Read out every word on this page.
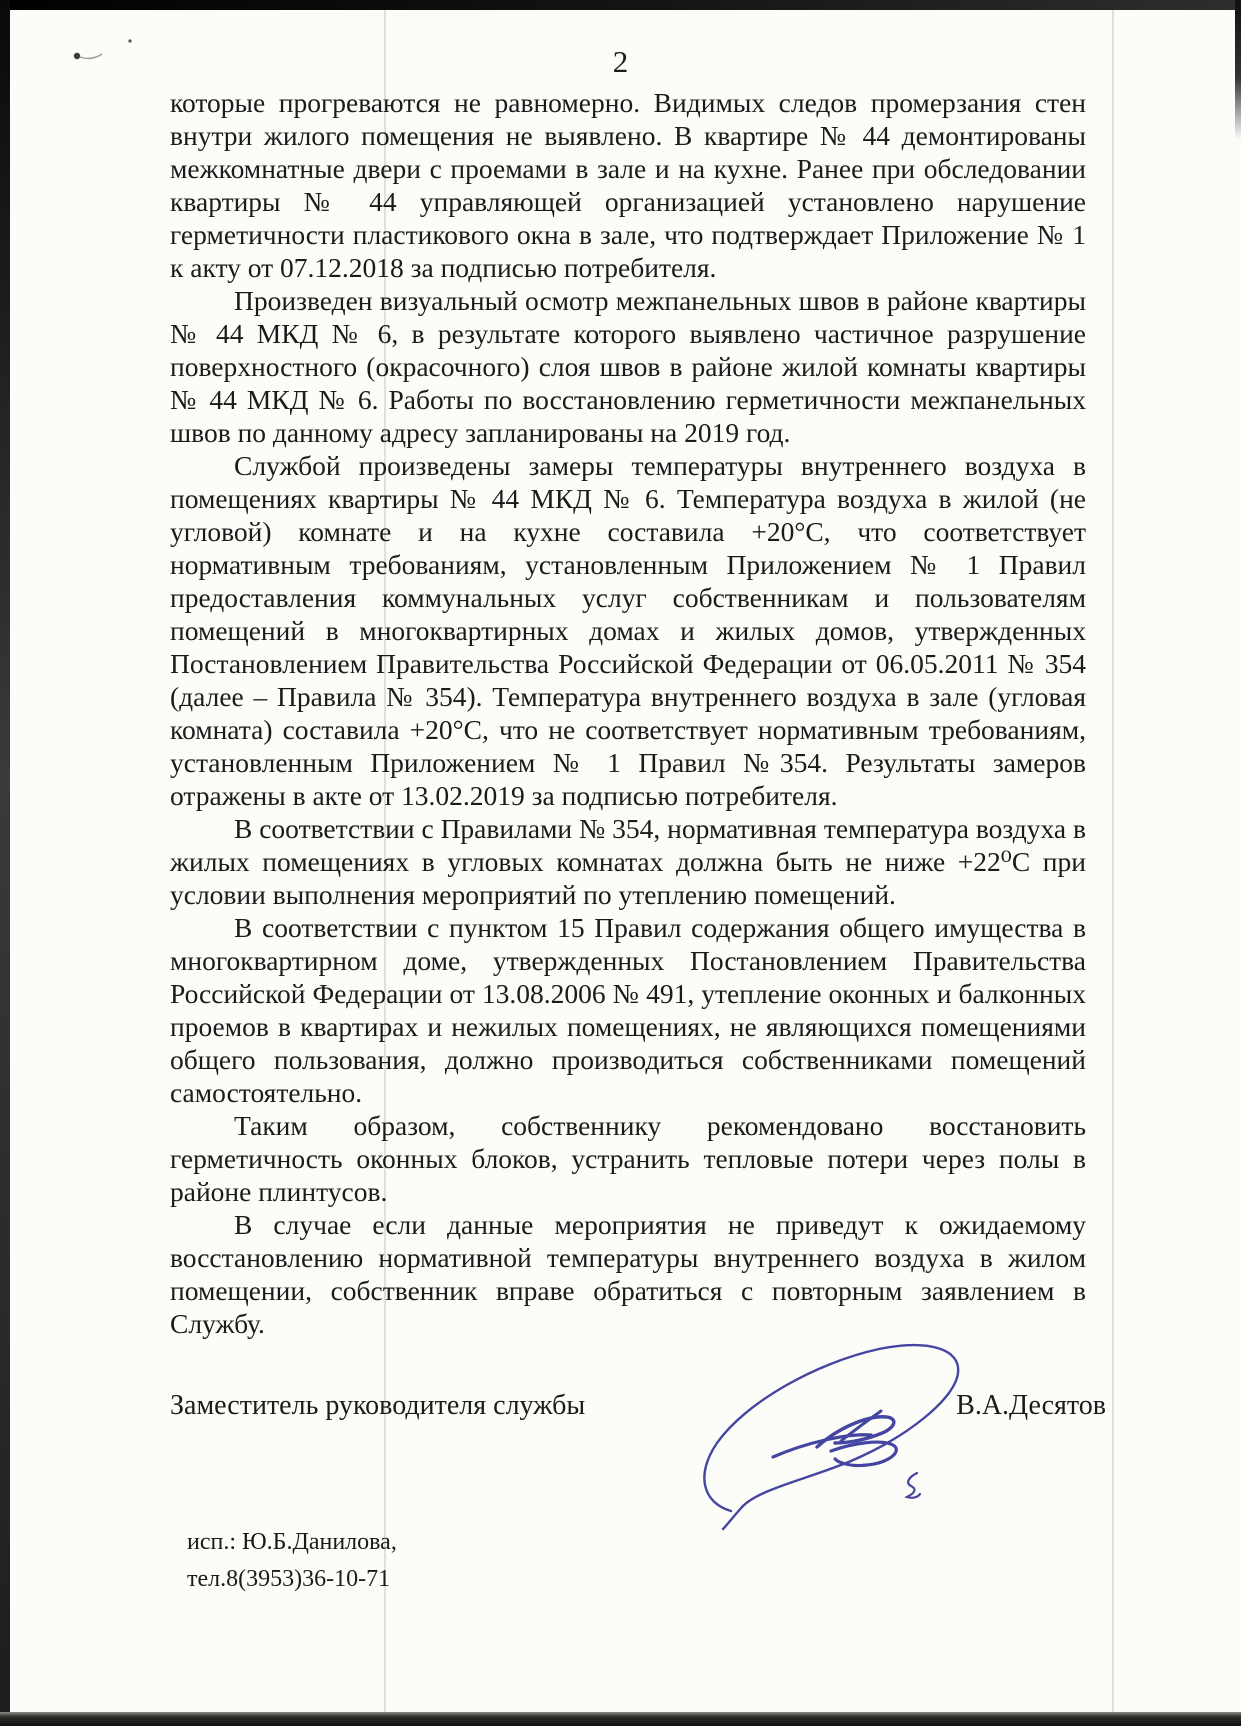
2

которые прогреваются не равномерно. Видимых следов промерзания стен внутри жилого помещения не выявлено. В квартире № 44 демонтированы межкомнатные двери с проемами в зале и на кухне. Ранее при обследовании квартиры № 44 управляющей организацией установлено нарушение герметичности пластикового окна в зале, что подтверждает Приложение № 1 к акту от 07.12.2018 за подписью потребителя.

Произведен визуальный осмотр межпанельных швов в районе квартиры № 44 МКД № 6, в результате которого выявлено частичное разрушение поверхностного (окрасочного) слоя швов в районе жилой комнаты квартиры № 44 МКД № 6. Работы по восстановлению герметичности межпанельных швов по данному адресу запланированы на 2019 год.

Службой произведены замеры температуры внутреннего воздуха в помещениях квартиры № 44 МКД № 6. Температура воздуха в жилой (не угловой) комнате и на кухне составила +20°С, что соответствует нормативным требованиям, установленным Приложением № 1 Правил предоставления коммунальных услуг собственникам и пользователям помещений в многоквартирных домах и жилых домов, утвержденных Постановлением Правительства Российской Федерации от 06.05.2011 № 354 (далее – Правила № 354). Температура внутреннего воздуха в зале (угловая комната) составила +20°С, что не соответствует нормативным требованиям, установленным Приложением № 1 Правил №354. Результаты замеров отражены в акте от 13.02.2019 за подписью потребителя.

В соответствии с Правилами № 354, нормативная температура воздуха в жилых помещениях в угловых комнатах должна быть не ниже +22⁰С при условии выполнения мероприятий по утеплению помещений.

В соответствии с пунктом 15 Правил содержания общего имущества в многоквартирном доме, утвержденных Постановлением Правительства Российской Федерации от 13.08.2006 № 491, утепление оконных и балконных проемов в квартирах и нежилых помещениях, не являющихся помещениями общего пользования, должно производиться собственниками помещений самостоятельно.

Таким образом, собственнику рекомендовано восстановить герметичность оконных блоков, устранить тепловые потери через полы в районе плинтусов.

В случае если данные мероприятия не приведут к ожидаемому восстановлению нормативной температуры внутреннего воздуха в жилом помещении, собственник вправе обратиться с повторным заявлением в Службу.

Заместитель руководителя службы	В.А.Десятов
исп.: Ю.Б.Данилова,
тел.8(3953)36-10-71
